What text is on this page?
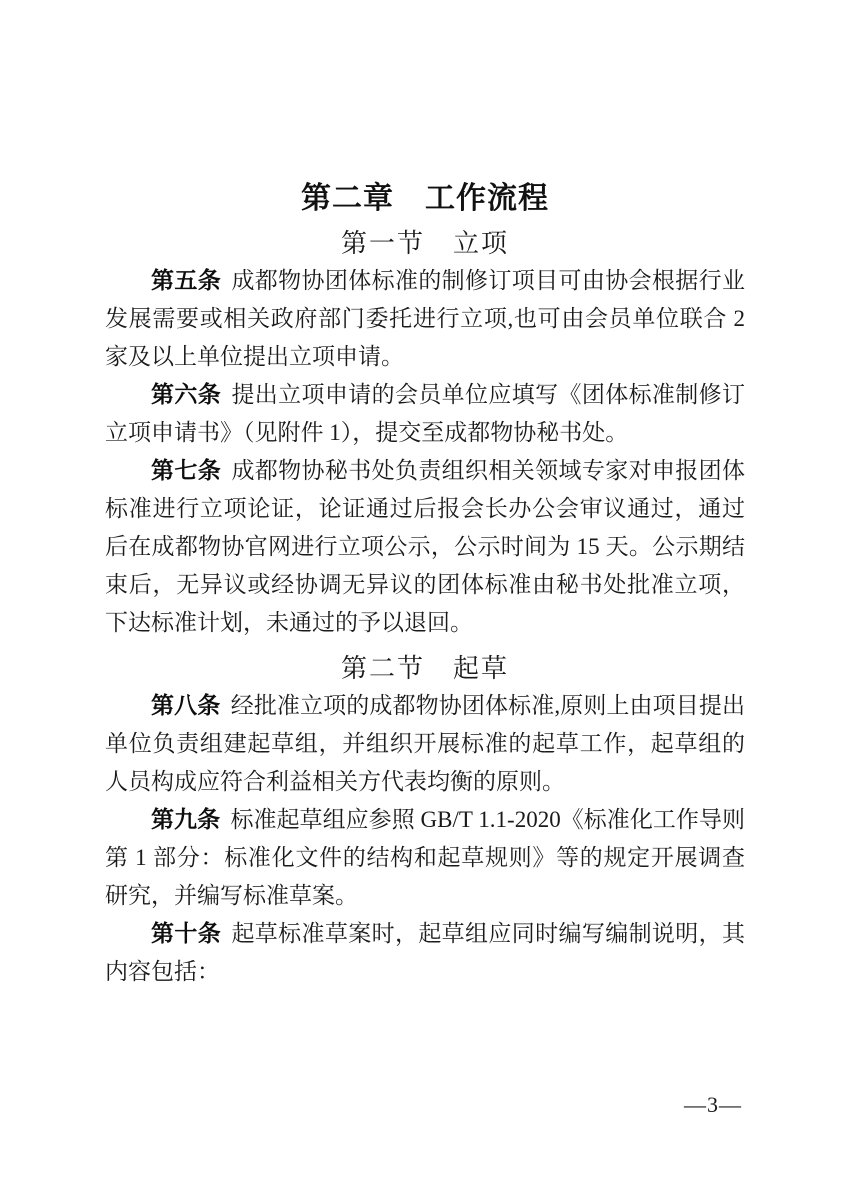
第二章　工作流程
第一节　立项

第五条 成都物协团体标准的制修订项目可由协会根据行业发展需要或相关政府部门委托进行立项,也可由会员单位联合 2 家及以上单位提出立项申请。

第六条 提出立项申请的会员单位应填写《团体标准制修订立项申请书》（见附件 1），提交至成都物协秘书处。

第七条 成都物协秘书处负责组织相关领域专家对申报团体标准进行立项论证，论证通过后报会长办公会审议通过，通过后在成都物协官网进行立项公示，公示时间为 15 天。公示期结束后，无异议或经协调无异议的团体标准由秘书处批准立项，下达标准计划，未通过的予以退回。

第二节　起草

第八条 经批准立项的成都物协团体标准,原则上由项目提出单位负责组建起草组，并组织开展标准的起草工作，起草组的人员构成应符合利益相关方代表均衡的原则。

第九条 标准起草组应参照 GB/T 1.1-2020《标准化工作导则 第 1 部分：标准化文件的结构和起草规则》等的规定开展调查研究，并编写标准草案。

第十条 起草标准草案时，起草组应同时编写编制说明，其内容包括：

—3—
